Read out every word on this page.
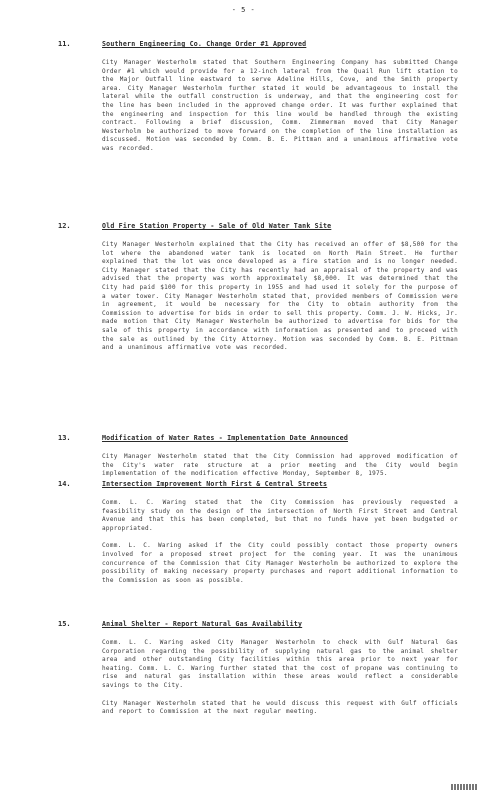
- 5 -
11.	Southern Engineering Co. Change Order #1 Approved

City Manager Westerholm stated that Southern Engineering Company has submitted Change Order #1 which would provide for a 12-inch lateral from the Quail Run lift station to the Major Outfall line eastward to serve Adeline Hills, Cove, and the Smith property area. City Manager Westerholm further stated it would be advantageous to install the lateral while the outfall construction is underway, and that the engineering cost for the line has been included in the approved change order. It was further explained that the engineering and inspection for this line would be handled through the existing contract. Following a brief discussion, Comm. Zimmerman moved that City Manager Westerholm be authorized to move forward on the completion of the line installation as discussed. Motion was seconded by Comm. B. E. Pittman and a unanimous affirmative vote was recorded.

12.	Old Fire Station Property - Sale of Old Water Tank Site

City Manager Westerholm explained that the City has received an offer of $8,500 for the lot where the abandoned water tank is located on North Main Street. He further explained that the lot was once developed as a fire station and is no longer needed. City Manager stated that the City has recently had an appraisal of the property and was advised that the property was worth approximately $8,000. It was determined that the City had paid $100 for this property in 1955 and had used it solely for the purpose of a water tower. City Manager Westerholm stated that, provided members of Commission were in agreement, it would be necessary for the City to obtain authority from the Commission to advertise for bids in order to sell this property. Comm. J. W. Hicks, Jr. made motion that City Manager Westerholm be authorized to advertise for bids for the sale of this property in accordance with information as presented and to proceed with the sale as outlined by the City Attorney. Motion was seconded by Comm. B. E. Pittman and a unanimous affirmative vote was recorded.

13.	Modification of Water Rates - Implementation Date Announced

City Manager Westerholm stated that the City Commission had approved modification of the City's water rate structure at a prior meeting and the City would begin implementation of the modification effective Monday, September 8, 1975.

14.	Intersection Improvement North First & Central Streets

Comm. L. C. Waring stated that the City Commission has previously requested a feasibility study on the design of the intersection of North First Street and Central Avenue and that this has been completed, but that no funds have yet been budgeted or appropriated.

Comm. L. C. Waring asked if the City could possibly contact those property owners involved for a proposed street project for the coming year. It was the unanimous concurrence of the Commission that City Manager Westerholm be authorized to explore the possibility of making necessary property purchases and report additional information to the Commission as soon as possible.

15.	Animal Shelter - Report Natural Gas Availability

Comm. L. C. Waring asked City Manager Westerholm to check with Gulf Natural Gas Corporation regarding the possibility of supplying natural gas to the animal shelter area and other outstanding City facilities within this area prior to next year for heating. Comm. L. C. Waring further stated that the cost of propane was continuing to rise and natural gas installation within these areas would reflect a considerable savings to the City.

City Manager Westerholm stated that he would discuss this request with Gulf officials and report to Commission at the next regular meeting.
